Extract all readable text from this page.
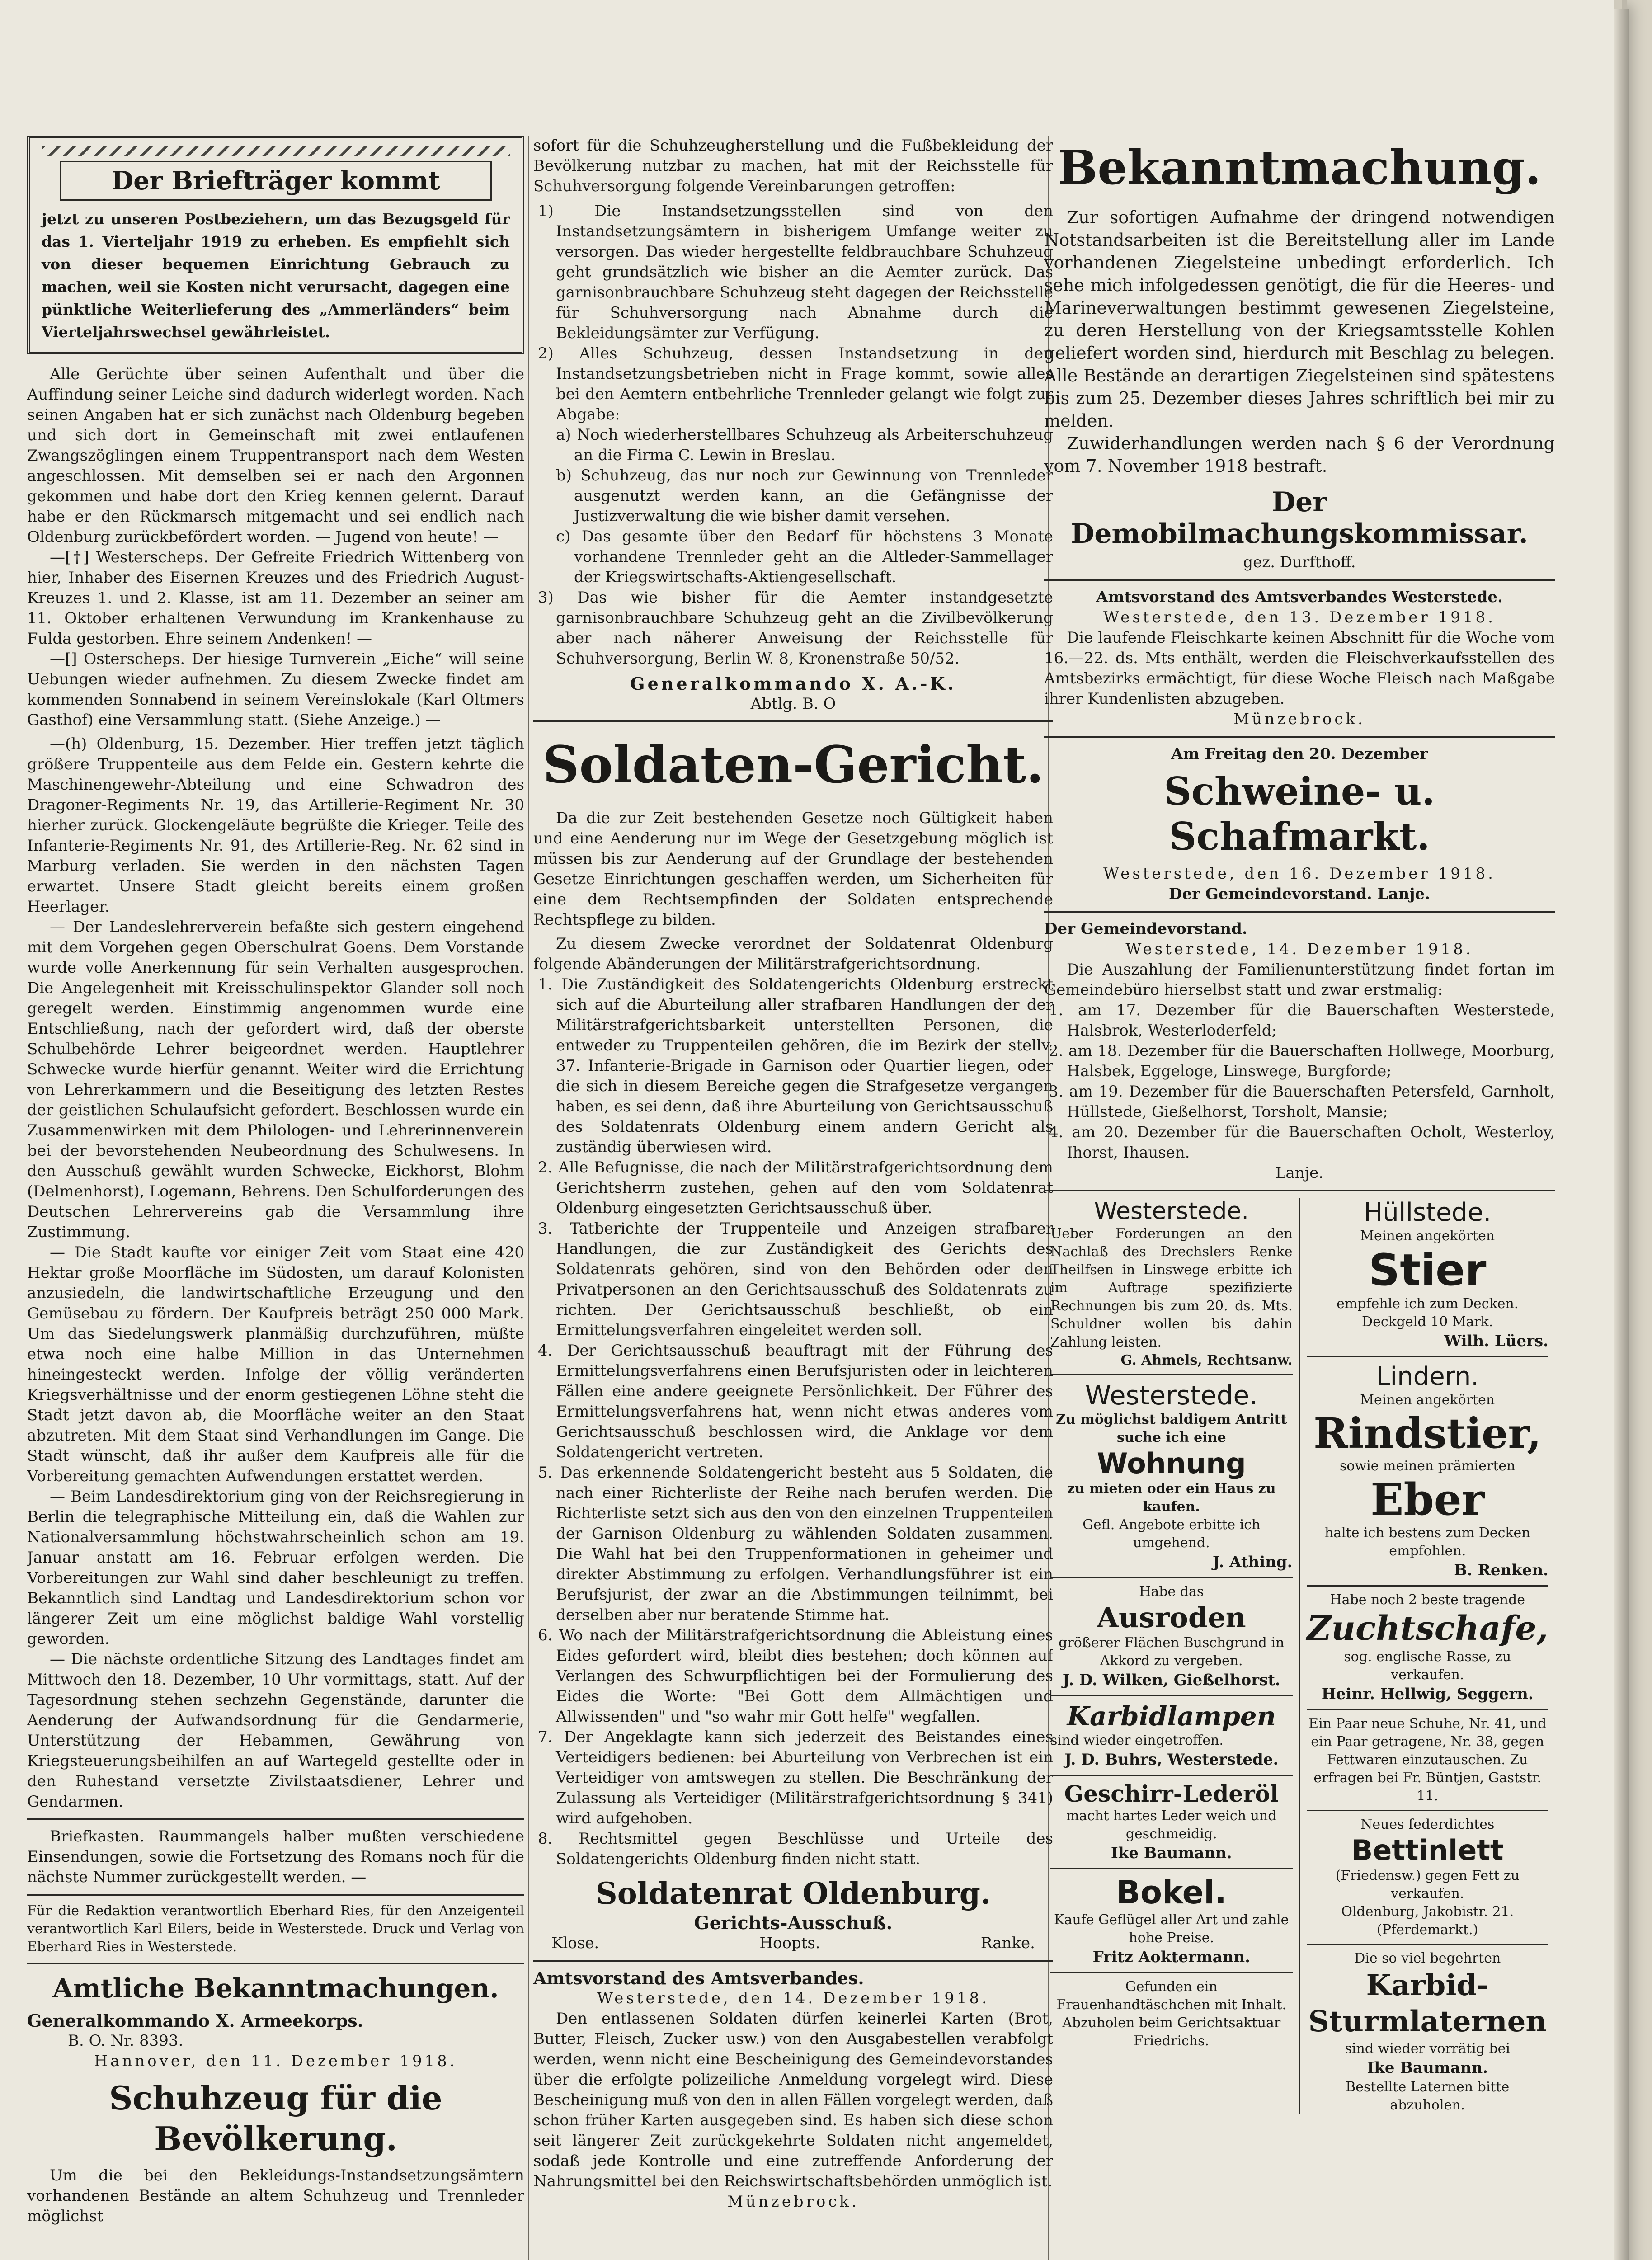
Der Briefträger kommt

jetzt zu unseren Postbeziehern, um das Bezugsgeld für das 1. Vierteljahr 1919 zu erheben. Es empfiehlt sich von dieser bequemen Einrichtung Gebrauch zu machen, weil sie Kosten nicht verursacht, dagegen eine pünktliche Weiterlieferung des „Ammerländers“ beim Vierteljahrswechsel gewährleistet.

Alle Gerüchte über seinen Aufenthalt und über die Auffindung seiner Leiche sind dadurch widerlegt worden. Nach seinen Angaben hat er sich zunächst nach Oldenburg begeben und sich dort in Gemeinschaft mit zwei entlaufenen Zwangszöglingen einem Truppentransport nach dem Westen angeschlossen. Mit demselben sei er nach den Argonnen gekommen und habe dort den Krieg kennen gelernt. Darauf habe er den Rückmarsch mitgemacht und sei endlich nach Oldenburg zurückbefördert worden. — Jugend von heute! —

—[†] Westerscheps. Der Gefreite Friedrich Wittenberg von hier, Inhaber des Eisernen Kreuzes und des Friedrich August-Kreuzes 1. und 2. Klasse, ist am 11. Dezember an seiner am 11. Oktober erhaltenen Verwundung im Krankenhause zu Fulda gestorben. Ehre seinem Andenken! —

—[] Osterscheps. Der hiesige Turnverein „Eiche“ will seine Uebungen wieder aufnehmen. Zu diesem Zwecke findet am kommenden Sonnabend in seinem Vereinslokale (Karl Oltmers Gasthof) eine Versammlung statt. (Siehe Anzeige.) —

—(h) Oldenburg, 15. Dezember. Hier treffen jetzt täglich größere Truppenteile aus dem Felde ein. Gestern kehrte die Maschinengewehr-Abteilung und eine Schwadron des Dragoner-Regiments Nr. 19, das Artillerie-Regiment Nr. 30 hierher zurück. Glockengeläute begrüßte die Krieger. Teile des Infanterie-Regiments Nr. 91, des Artillerie-Reg. Nr. 62 sind in Marburg verladen. Sie werden in den nächsten Tagen erwartet. Unsere Stadt gleicht bereits einem großen Heerlager.

— Der Landeslehrerverein befaßte sich gestern eingehend mit dem Vorgehen gegen Oberschulrat Goens. Dem Vorstande wurde volle Anerkennung für sein Verhalten ausgesprochen. Die Angelegenheit mit Kreisschulinspektor Glander soll noch geregelt werden. Einstimmig angenommen wurde eine Entschließung, nach der gefordert wird, daß der oberste Schulbehörde Lehrer beigeordnet werden. Hauptlehrer Schwecke wurde hierfür genannt. Weiter wird die Errichtung von Lehrerkammern und die Beseitigung des letzten Restes der geistlichen Schulaufsicht gefordert. Beschlossen wurde ein Zusammenwirken mit dem Philologen- und Lehrerinnenverein bei der bevorstehenden Neubeordnung des Schulwesens. In den Ausschuß gewählt wurden Schwecke, Eickhorst, Blohm (Delmenhorst), Logemann, Behrens. Den Schulforderungen des Deutschen Lehrervereins gab die Versammlung ihre Zustimmung.

— Die Stadt kaufte vor einiger Zeit vom Staat eine 420 Hektar große Moorfläche im Südosten, um darauf Kolonisten anzusiedeln, die landwirtschaftliche Erzeugung und den Gemüsebau zu fördern. Der Kaufpreis beträgt 250 000 Mark. Um das Siedelungswerk planmäßig durchzuführen, müßte etwa noch eine halbe Million in das Unternehmen hineingesteckt werden. Infolge der völlig veränderten Kriegsverhältnisse und der enorm gestiegenen Löhne steht die Stadt jetzt davon ab, die Moorfläche weiter an den Staat abzutreten. Mit dem Staat sind Verhandlungen im Gange. Die Stadt wünscht, daß ihr außer dem Kaufpreis alle für die Vorbereitung gemachten Aufwendungen erstattet werden.

— Beim Landesdirektorium ging von der Reichsregierung in Berlin die telegraphische Mitteilung ein, daß die Wahlen zur Nationalversammlung höchstwahrscheinlich schon am 19. Januar anstatt am 16. Februar erfolgen werden. Die Vorbereitungen zur Wahl sind daher beschleunigt zu treffen. Bekanntlich sind Landtag und Landesdirektorium schon vor längerer Zeit um eine möglichst baldige Wahl vorstellig geworden.

— Die nächste ordentliche Sitzung des Landtages findet am Mittwoch den 18. Dezember, 10 Uhr vormittags, statt. Auf der Tagesordnung stehen sechzehn Gegenstände, darunter die Aenderung der Aufwandsordnung für die Gendarmerie, Unterstützung der Hebammen, Gewährung von Kriegsteuerungsbeihilfen an auf Wartegeld gestellte oder in den Ruhestand versetzte Zivilstaatsdiener, Lehrer und Gendarmen.

Briefkasten. Raummangels halber mußten verschiedene Einsendungen, sowie die Fortsetzung des Romans noch für die nächste Nummer zurückgestellt werden. —

Für die Redaktion verantwortlich Eberhard Ries, für den Anzeigenteil verantwortlich Karl Eilers, beide in Westerstede. Druck und Verlag von Eberhard Ries in Westerstede.

Amtliche Bekanntmachungen.

Generalkommando X. Armeekorps.

B. O. Nr. 8393.

Hannover, den 11. Dezember 1918.

Schuhzeug für die Bevölkerung.

Um die bei den Bekleidungs-Instandsetzungsämtern vorhandenen Bestände an altem Schuhzeug und Trennleder möglichst

sofort für die Schuhzeugherstellung und die Fußbekleidung der Bevölkerung nutzbar zu machen, hat mit der Reichsstelle für Schuhversorgung folgende Vereinbarungen getroffen:

1) Die Instandsetzungsstellen sind von den Instandsetzungsämtern in bisherigem Umfange weiter zu versorgen. Das wieder hergestellte feldbrauchbare Schuhzeug geht grundsätzlich wie bisher an die Aemter zurück. Das garnisonbrauchbare Schuhzeug steht dagegen der Reichsstelle für Schuhversorgung nach Abnahme durch die Bekleidungsämter zur Verfügung.

2) Alles Schuhzeug, dessen Instandsetzung in den Instandsetzungsbetrieben nicht in Frage kommt, sowie alles bei den Aemtern entbehrliche Trennleder gelangt wie folgt zur Abgabe:

a) Noch wiederherstellbares Schuhzeug als Arbeiterschuhzeug an die Firma C. Lewin in Breslau.

b) Schuhzeug, das nur noch zur Gewinnung von Trennleder ausgenutzt werden kann, an die Gefängnisse der Justizverwaltung die wie bisher damit versehen.

c) Das gesamte über den Bedarf für höchstens 3 Monate vorhandene Trennleder geht an die Altleder-Sammellager der Kriegswirtschafts-Aktiengesellschaft.

3) Das wie bisher für die Aemter instandgesetzte garnisonbrauchbare Schuhzeug geht an die Zivilbevölkerung aber nach näherer Anweisung der Reichsstelle für Schuhversorgung, Berlin W. 8, Kronenstraße 50/52.

Generalkommando X. A.-K.

Abtlg. B. O

Soldaten-Gericht.

Da die zur Zeit bestehenden Gesetze noch Gültigkeit haben und eine Aenderung nur im Wege der Gesetzgebung möglich ist müssen bis zur Aenderung auf der Grundlage der bestehenden Gesetze Einrichtungen geschaffen werden, um Sicherheiten für eine dem Rechtsempfinden der Soldaten entsprechende Rechtspflege zu bilden.

Zu diesem Zwecke verordnet der Soldatenrat Oldenburg folgende Abänderungen der Militärstrafgerichtsordnung.

1. Die Zuständigkeit des Soldatengerichts Oldenburg erstreckt sich auf die Aburteilung aller strafbaren Handlungen der der Militärstrafgerichtsbarkeit unterstellten Personen, die entweder zu Truppenteilen gehören, die im Bezirk der stellv. 37. Infanterie-Brigade in Garnison oder Quartier liegen, oder die sich in diesem Bereiche gegen die Strafgesetze vergangen haben, es sei denn, daß ihre Aburteilung von Gerichtsausschuß des Soldatenrats Oldenburg einem andern Gericht als zuständig überwiesen wird.

2. Alle Befugnisse, die nach der Militärstrafgerichtsordnung dem Gerichtsherrn zustehen, gehen auf den vom Soldatenrat Oldenburg eingesetzten Gerichtsausschuß über.

3. Tatberichte der Truppenteile und Anzeigen strafbarer Handlungen, die zur Zuständigkeit des Gerichts des Soldatenrats gehören, sind von den Behörden oder den Privatpersonen an den Gerichtsausschuß des Soldatenrats zu richten. Der Gerichtsausschuß beschließt, ob ein Ermittelungsverfahren eingeleitet werden soll.

4. Der Gerichtsausschuß beauftragt mit der Führung des Ermittelungsverfahrens einen Berufsjuristen oder in leichteren Fällen eine andere geeignete Persönlichkeit. Der Führer des Ermittelungsverfahrens hat, wenn nicht etwas anderes vom Gerichtsausschuß beschlossen wird, die Anklage vor dem Soldatengericht vertreten.

5. Das erkennende Soldatengericht besteht aus 5 Soldaten, die nach einer Richterliste der Reihe nach berufen werden. Die Richterliste setzt sich aus den von den einzelnen Truppenteilen der Garnison Oldenburg zu wählenden Soldaten zusammen. Die Wahl hat bei den Truppenformationen in geheimer und direkter Abstimmung zu erfolgen. Verhandlungsführer ist ein Berufsjurist, der zwar an die Abstimmungen teilnimmt, bei derselben aber nur beratende Stimme hat.

6. Wo nach der Militärstrafgerichtsordnung die Ableistung eines Eides gefordert wird, bleibt dies bestehen; doch können auf Verlangen des Schwurpflichtigen bei der Formulierung des Eides die Worte: "Bei Gott dem Allmächtigen und Allwissenden" und "so wahr mir Gott helfe" wegfallen.

7. Der Angeklagte kann sich jederzeit des Beistandes eines Verteidigers bedienen: bei Aburteilung von Verbrechen ist ein Verteidiger von amtswegen zu stellen. Die Beschränkung der Zulassung als Verteidiger (Militärstrafgerichtsordnung § 341) wird aufgehoben.

8. Rechtsmittel gegen Beschlüsse und Urteile des Soldatengerichts Oldenburg finden nicht statt.

Soldatenrat Oldenburg.

Gerichts-Ausschuß.

Klose.	Hoopts.	Ranke.

Amtsvorstand des Amtsverbandes.

Westerstede, den 14. Dezember 1918.

Den entlassenen Soldaten dürfen keinerlei Karten (Brot, Butter, Fleisch, Zucker usw.) von den Ausgabestellen verabfolgt werden, wenn nicht eine Bescheinigung des Gemeindevorstandes über die erfolgte polizeiliche Anmeldung vorgelegt wird. Diese Bescheinigung muß von den in allen Fällen vorgelegt werden, daß schon früher Karten ausgegeben sind. Es haben sich diese schon seit längerer Zeit zurückgekehrte Soldaten nicht angemeldet, sodaß jede Kontrolle und eine zutreffende Anforderung der Nahrungsmittel bei den Reichswirtschaftsbehörden unmöglich ist.

Münzebrock.

Bekanntmachung.

Zur sofortigen Aufnahme der dringend notwendigen Notstandsarbeiten ist die Bereitstellung aller im Lande vorhandenen Ziegelsteine unbedingt erforderlich. Ich sehe mich infolgedessen genötigt, die für die Heeres- und Marineverwaltungen bestimmt gewesenen Ziegelsteine, zu deren Herstellung von der Kriegsamtsstelle Kohlen geliefert worden sind, hierdurch mit Beschlag zu belegen. Alle Bestände an derartigen Ziegelsteinen sind spätestens bis zum 25. Dezember dieses Jahres schriftlich bei mir zu melden.

Zuwiderhandlungen werden nach § 6 der Verordnung vom 7. November 1918 bestraft.

Der Demobilmachungskommissar.

gez. Durfthoff.

Amtsvorstand des Amtsverbandes Westerstede.

Westerstede, den 13. Dezember 1918.

Die laufende Fleischkarte keinen Abschnitt für die Woche vom 16.—22. ds. Mts enthält, werden die Fleischverkaufsstellen des Amtsbezirks ermächtigt, für diese Woche Fleisch nach Maßgabe ihrer Kundenlisten abzugeben.

Münzebrock.

Am Freitag den 20. Dezember

Schweine- u. Schafmarkt.

Westerstede, den 16. Dezember 1918.

Der Gemeindevorstand. Lanje.

Der Gemeindevorstand.

Westerstede, 14. Dezember 1918.

Die Auszahlung der Familienunterstützung findet fortan im Gemeindebüro hierselbst statt und zwar erstmalig:

1. am 17. Dezember für die Bauerschaften Westerstede, Halsbrok, Westerloderfeld;

2. am 18. Dezember für die Bauerschaften Hollwege, Moorburg, Halsbek, Eggeloge, Linswege, Burgforde;

3. am 19. Dezember für die Bauerschaften Petersfeld, Garnholt, Hüllstede, Gießelhorst, Torsholt, Mansie;

4. am 20. Dezember für die Bauerschaften Ocholt, Westerloy, Ihorst, Ihausen.

Lanje.

Westerstede.

Ueber Forderungen an den Nachlaß des Drechslers Renke Theilfsen in Linswege erbitte ich im Auftrage spezifizierte Rechnungen bis zum 20. ds. Mts. Schuldner wollen bis dahin Zahlung leisten.

G. Ahmels, Rechtsanw.

Westerstede.

Zu möglichst baldigem Antritt suche ich eine

Wohnung

zu mieten oder ein Haus zu kaufen.

Gefl. Angebote erbitte ich umgehend.

J. Athing.

Habe das

Ausroden

größerer Flächen Buschgrund in Akkord zu vergeben.

J. D. Wilken, Gießelhorst.

Karbidlampen

sind wieder eingetroffen.

J. D. Buhrs, Westerstede.

Geschirr-Lederöl

macht hartes Leder weich und geschmeidig.

Ike Baumann.

Bokel.

Kaufe Geflügel aller Art und zahle hohe Preise.

Fritz Aoktermann.

Gefunden ein Frauenhandtäschchen mit Inhalt. Abzuholen beim Gerichtsaktuar Friedrichs.

Hüllstede.

Meinen angekörten

Stier

empfehle ich zum Decken.

Deckgeld 10 Mark.

Wilh. Lüers.

Lindern.

Meinen angekörten

Rindstier,

sowie meinen prämierten

Eber

halte ich bestens zum Decken empfohlen.

B. Renken.

Habe noch 2 beste tragende

Zuchtschafe,

sog. englische Rasse, zu verkaufen.

Heinr. Hellwig, Seggern.

Ein Paar neue Schuhe, Nr. 41, und ein Paar getragene, Nr. 38, gegen Fettwaren einzutauschen. Zu erfragen bei Fr. Büntjen, Gaststr. 11.

Neues federdichtes

Bettinlett

(Friedensw.) gegen Fett zu verkaufen.

Oldenburg, Jakobistr. 21. (Pferdemarkt.)

Die so viel begehrten

Karbid-Sturmlaternen

sind wieder vorrätig bei

Ike Baumann.

Bestellte Laternen bitte abzuholen.
